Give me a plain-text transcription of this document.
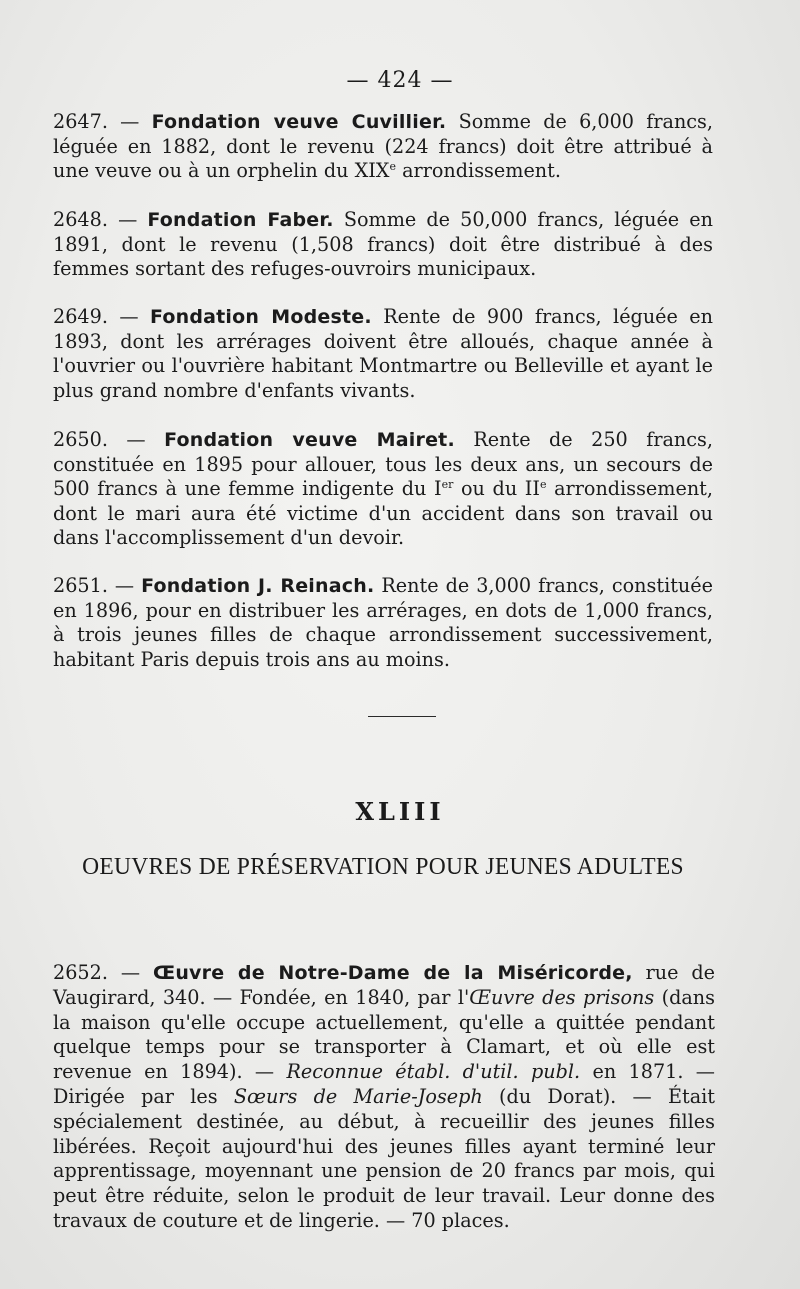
— 424 —

2647. — Fondation veuve Cuvillier. Somme de 6,000 francs, léguée en 1882, dont le revenu (224 francs) doit être attribué à une veuve ou à un orphelin du XIXe arrondissement.

2648. — Fondation Faber. Somme de 50,000 francs, léguée en 1891, dont le revenu (1,508 francs) doit être distribué à des femmes sortant des refuges-ouvroirs municipaux.

2649. — Fondation Modeste. Rente de 900 francs, léguée en 1893, dont les arrérages doivent être alloués, chaque année à l'ouvrier ou l'ouvrière habitant Montmartre ou Belleville et ayant le plus grand nombre d'enfants vivants.

2650. — Fondation veuve Mairet. Rente de 250 francs, constituée en 1895 pour allouer, tous les deux ans, un secours de 500 francs à une femme indigente du Ier ou du IIe arrondissement, dont le mari aura été victime d'un accident dans son travail ou dans l'accomplissement d'un devoir.

2651. — Fondation J. Reinach. Rente de 3,000 francs, constituée en 1896, pour en distribuer les arrérages, en dots de 1,000 francs, à trois jeunes filles de chaque arrondissement successivement, habitant Paris depuis trois ans au moins.

XLIII
OEUVRES DE PRÉSERVATION POUR JEUNES ADULTES

2652. — Œuvre de Notre-Dame de la Miséricorde, rue de Vaugirard, 340. — Fondée, en 1840, par l'Œuvre des prisons (dans la maison qu'elle occupe actuellement, qu'elle a quittée pendant quelque temps pour se transporter à Clamart, et où elle est revenue en 1894). — Reconnue établ. d'util. publ. en 1871. — Dirigée par les Sœurs de Marie-Joseph (du Dorat). — Était spécialement destinée, au début, à recueillir des jeunes filles libérées. Reçoit aujourd'hui des jeunes filles ayant terminé leur apprentissage, moyennant une pension de 20 francs par mois, qui peut être réduite, selon le produit de leur travail. Leur donne des travaux de couture et de lingerie. — 70 places.
